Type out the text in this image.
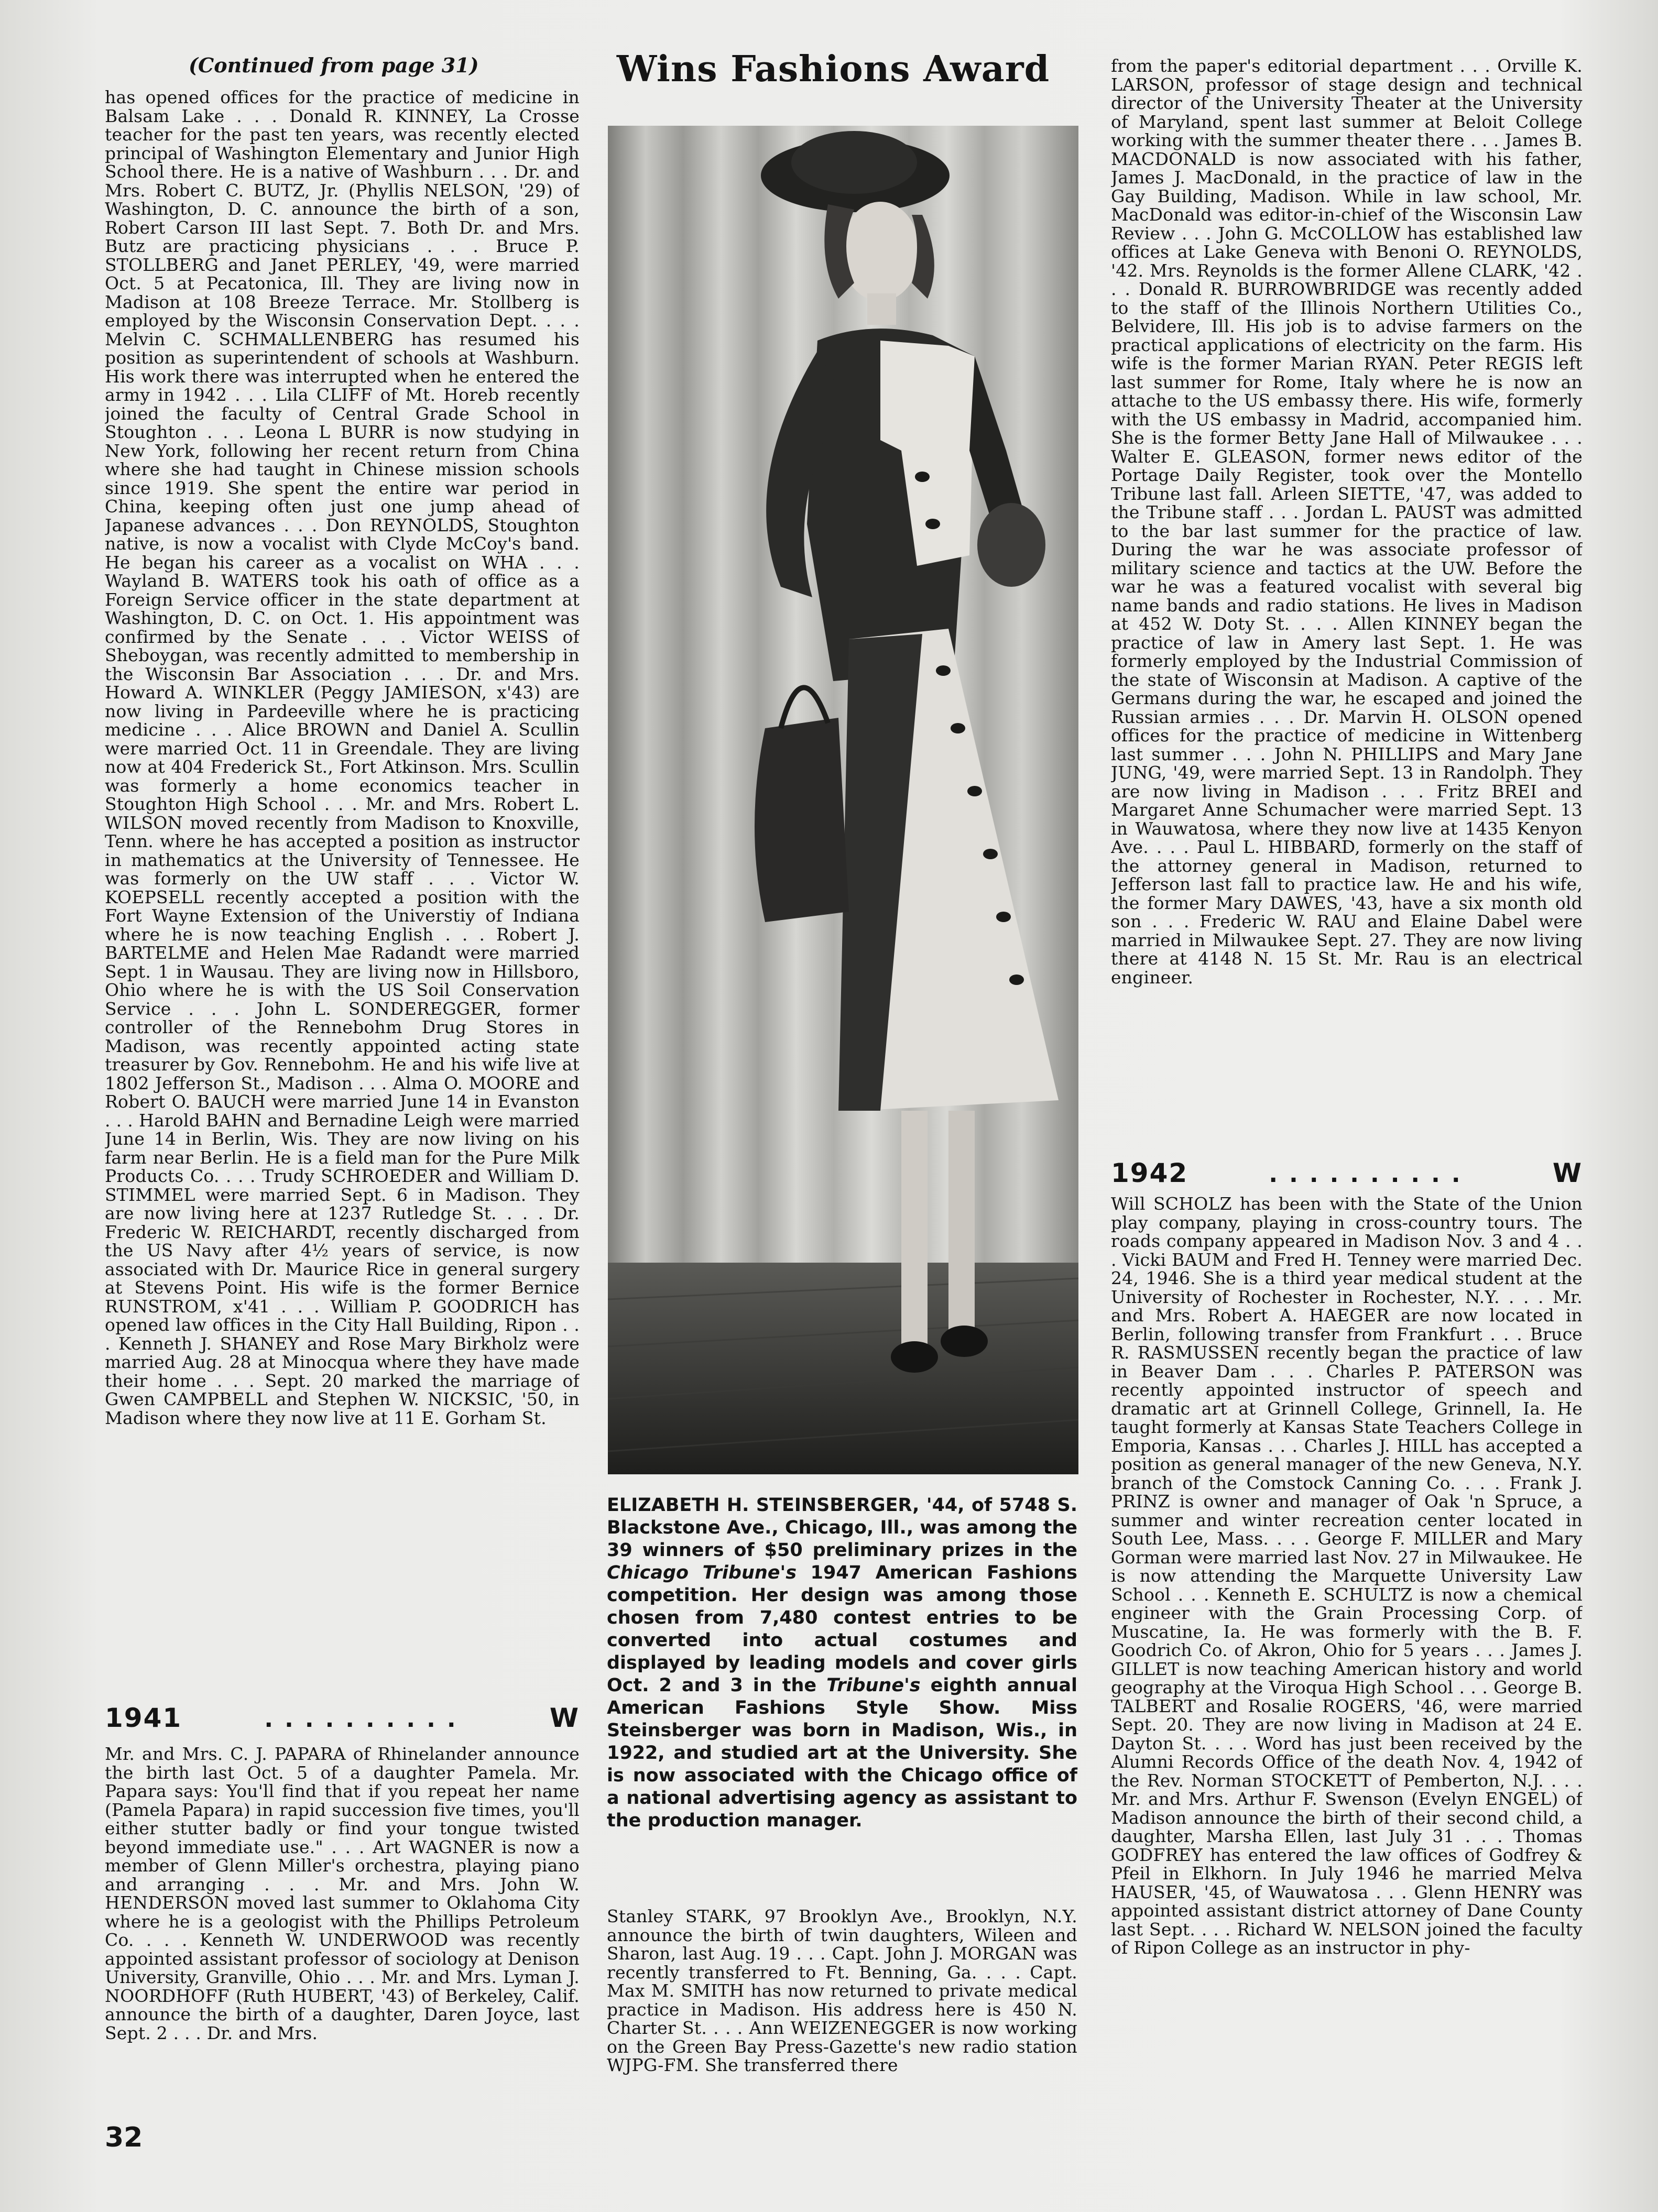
(Continued from page 31)	Wins Fashions Award

has opened offices for the practice of medicine in Balsam Lake . . . Donald R. KINNEY, La Crosse teacher for the past ten years, was recently elected principal of Washington Elementary and Junior High School there. He is a native of Washburn . . . Dr. and Mrs. Robert C. BUTZ, Jr. (Phyllis NELSON, '29) of Washington, D. C. announce the birth of a son, Robert Carson III last Sept. 7. Both Dr. and Mrs. Butz are practicing physicians . . . Bruce P. STOLLBERG and Janet PERLEY, '49, were married Oct. 5 at Pecatonica, Ill. They are living now in Madison at 108 Breeze Terrace. Mr. Stollberg is employed by the Wisconsin Conservation Dept. . . . Melvin C. SCHMALLENBERG has resumed his position as superintendent of schools at Washburn. His work there was interrupted when he entered the army in 1942 . . . Lila CLIFF of Mt. Horeb recently joined the faculty of Central Grade School in Stoughton . . . Leona L BURR is now studying in New York, following her recent return from China where she had taught in Chinese mission schools since 1919. She spent the entire war period in China, keeping often just one jump ahead of Japanese advances . . . Don REYNOLDS, Stoughton native, is now a vocalist with Clyde McCoy's band. He began his career as a vocalist on WHA . . . Wayland B. WATERS took his oath of office as a Foreign Service officer in the state department at Washington, D. C. on Oct. 1. His appointment was confirmed by the Senate . . . Victor WEISS of Sheboygan, was recently admitted to membership in the Wisconsin Bar Association . . . Dr. and Mrs. Howard A. WINKLER (Peggy JAMIESON, x'43) are now living in Pardeeville where he is practicing medicine . . . Alice BROWN and Daniel A. Scullin were married Oct. 11 in Greendale. They are living now at 404 Frederick St., Fort Atkinson. Mrs. Scullin was formerly a home economics teacher in Stoughton High School . . . Mr. and Mrs. Robert L. WILSON moved recently from Madison to Knoxville, Tenn. where he has accepted a position as instructor in mathematics at the University of Tennessee. He was formerly on the UW staff . . . Victor W. KOEPSELL recently accepted a position with the Fort Wayne Extension of the Universtiy of Indiana where he is now teaching English . . . Robert J. BARTELME and Helen Mae Radandt were married Sept. 1 in Wausau. They are living now in Hillsboro, Ohio where he is with the US Soil Conservation Service . . . John L. SONDEREGGER, former controller of the Rennebohm Drug Stores in Madison, was recently appointed acting state treasurer by Gov. Rennebohm. He and his wife live at 1802 Jefferson St., Madison . . . Alma O. MOORE and Robert O. BAUCH were married June 14 in Evanston . . . Harold BAHN and Bernadine Leigh were married June 14 in Berlin, Wis. They are now living on his farm near Berlin. He is a field man for the Pure Milk Products Co. . . . Trudy SCHROEDER and William D. STIMMEL were married Sept. 6 in Madison. They are now living here at 1237 Rutledge St. . . . Dr. Frederic W. REICHARDT, recently discharged from the US Navy after 4½ years of service, is now associated with Dr. Maurice Rice in general surgery at Stevens Point. His wife is the former Bernice RUNSTROM, x'41 . . . William P. GOODRICH has opened law offices in the City Hall Building, Ripon . . . Kenneth J. SHANEY and Rose Mary Birkholz were married Aug. 28 at Minocqua where they have made their home . . . Sept. 20 marked the marriage of Gwen CAMPBELL and Stephen W. NICKSIC, '50, in Madison where they now live at 11 E. Gorham St.

1941	..........	W

Mr. and Mrs. C. J. PAPARA of Rhinelander announce the birth last Oct. 5 of a daughter Pamela. Mr. Papara says: You'll find that if you repeat her name (Pamela Papara) in rapid succession five times, you'll either stutter badly or find your tongue twisted beyond immediate use." . . . Art WAGNER is now a member of Glenn Miller's orchestra, playing piano and arranging . . . Mr. and Mrs. John W. HENDERSON moved last summer to Oklahoma City where he is a geologist with the Phillips Petroleum Co. . . . Kenneth W. UNDERWOOD was recently appointed assistant professor of sociology at Denison University, Granville, Ohio . . . Mr. and Mrs. Lyman J. NOORDHOFF (Ruth HUBERT, '43) of Berkeley, Calif. announce the birth of a daughter, Daren Joyce, last Sept. 2 . . . Dr. and Mrs.

ELIZABETH H. STEINSBERGER, '44, of 5748 S. Blackstone Ave., Chicago, Ill., was among the 39 winners of $50 preliminary prizes in the Chicago Tribune's 1947 American Fashions competition. Her design was among those chosen from 7,480 contest entries to be converted into actual costumes and displayed by leading models and cover girls Oct. 2 and 3 in the Tribune's eighth annual American Fashions Style Show. Miss Steinsberger was born in Madison, Wis., in 1922, and studied art at the University. She is now associated with the Chicago office of a national advertising agency as assistant to the production manager.

Stanley STARK, 97 Brooklyn Ave., Brooklyn, N.Y. announce the birth of twin daughters, Wileen and Sharon, last Aug. 19 . . . Capt. John J. MORGAN was recently transferred to Ft. Benning, Ga. . . . Capt. Max M. SMITH has now returned to private medical practice in Madison. His address here is 450 N. Charter St. . . . Ann WEIZENEGGER is now working on the Green Bay Press-Gazette's new radio station WJPG-FM. She transferred there

from the paper's editorial department . . . Orville K. LARSON, professor of stage design and technical director of the University Theater at the University of Maryland, spent last summer at Beloit College working with the summer theater there . . . James B. MACDONALD is now associated with his father, James J. MacDonald, in the practice of law in the Gay Building, Madison. While in law school, Mr. MacDonald was editor-in-chief of the Wisconsin Law Review . . . John G. McCOLLOW has established law offices at Lake Geneva with Benoni O. REYNOLDS, '42. Mrs. Reynolds is the former Allene CLARK, '42 . . . Donald R. BURROWBRIDGE was recently added to the staff of the Illinois Northern Utilities Co., Belvidere, Ill. His job is to advise farmers on the practical applications of electricity on the farm. His wife is the former Marian RYAN. Peter REGIS left last summer for Rome, Italy where he is now an attache to the US embassy there. His wife, formerly with the US embassy in Madrid, accompanied him. She is the former Betty Jane Hall of Milwaukee . . . Walter E. GLEASON, former news editor of the Portage Daily Register, took over the Montello Tribune last fall. Arleen SIETTE, '47, was added to the Tribune staff . . . Jordan L. PAUST was admitted to the bar last summer for the practice of law. During the war he was associate professor of military science and tactics at the UW. Before the war he was a featured vocalist with several big name bands and radio stations. He lives in Madison at 452 W. Doty St. . . . Allen KINNEY began the practice of law in Amery last Sept. 1. He was formerly employed by the Industrial Commission of the state of Wisconsin at Madison. A captive of the Germans during the war, he escaped and joined the Russian armies . . . Dr. Marvin H. OLSON opened offices for the practice of medicine in Wittenberg last summer . . . John N. PHILLIPS and Mary Jane JUNG, '49, were married Sept. 13 in Randolph. They are now living in Madison . . . Fritz BREI and Margaret Anne Schumacher were married Sept. 13 in Wauwatosa, where they now live at 1435 Kenyon Ave. . . . Paul L. HIBBARD, formerly on the staff of the attorney general in Madison, returned to Jefferson last fall to practice law. He and his wife, the former Mary DAWES, '43, have a six month old son . . . Frederic W. RAU and Elaine Dabel were married in Milwaukee Sept. 27. They are now living there at 4148 N. 15 St. Mr. Rau is an electrical engineer.

1942	..........	W

Will SCHOLZ has been with the State of the Union play company, playing in cross-country tours. The roads company appeared in Madison Nov. 3 and 4 . . . Vicki BAUM and Fred H. Tenney were married Dec. 24, 1946. She is a third year medical student at the University of Rochester in Rochester, N.Y. . . . Mr. and Mrs. Robert A. HAEGER are now located in Berlin, following transfer from Frankfurt . . . Bruce R. RASMUSSEN recently began the practice of law in Beaver Dam . . . Charles P. PATERSON was recently appointed instructor of speech and dramatic art at Grinnell College, Grinnell, Ia. He taught formerly at Kansas State Teachers College in Emporia, Kansas . . . Charles J. HILL has accepted a position as general manager of the new Geneva, N.Y. branch of the Comstock Canning Co. . . . Frank J. PRINZ is owner and manager of Oak 'n Spruce, a summer and winter recreation center located in South Lee, Mass. . . . George F. MILLER and Mary Gorman were married last Nov. 27 in Milwaukee. He is now attending the Marquette University Law School . . . Kenneth E. SCHULTZ is now a chemical engineer with the Grain Processing Corp. of Muscatine, Ia. He was formerly with the B. F. Goodrich Co. of Akron, Ohio for 5 years . . . James J. GILLET is now teaching American history and world geography at the Viroqua High School . . . George B. TALBERT and Rosalie ROGERS, '46, were married Sept. 20. They are now living in Madison at 24 E. Dayton St. . . . Word has just been received by the Alumni Records Office of the death Nov. 4, 1942 of the Rev. Norman STOCKETT of Pemberton, N.J. . . . Mr. and Mrs. Arthur F. Swenson (Evelyn ENGEL) of Madison announce the birth of their second child, a daughter, Marsha Ellen, last July 31 . . . Thomas GODFREY has entered the law offices of Godfrey & Pfeil in Elkhorn. In July 1946 he married Melva HAUSER, '45, of Wauwatosa . . . Glenn HENRY was appointed assistant district attorney of Dane County last Sept. . . . Richard W. NELSON joined the faculty of Ripon College as an instructor in phy-

32
